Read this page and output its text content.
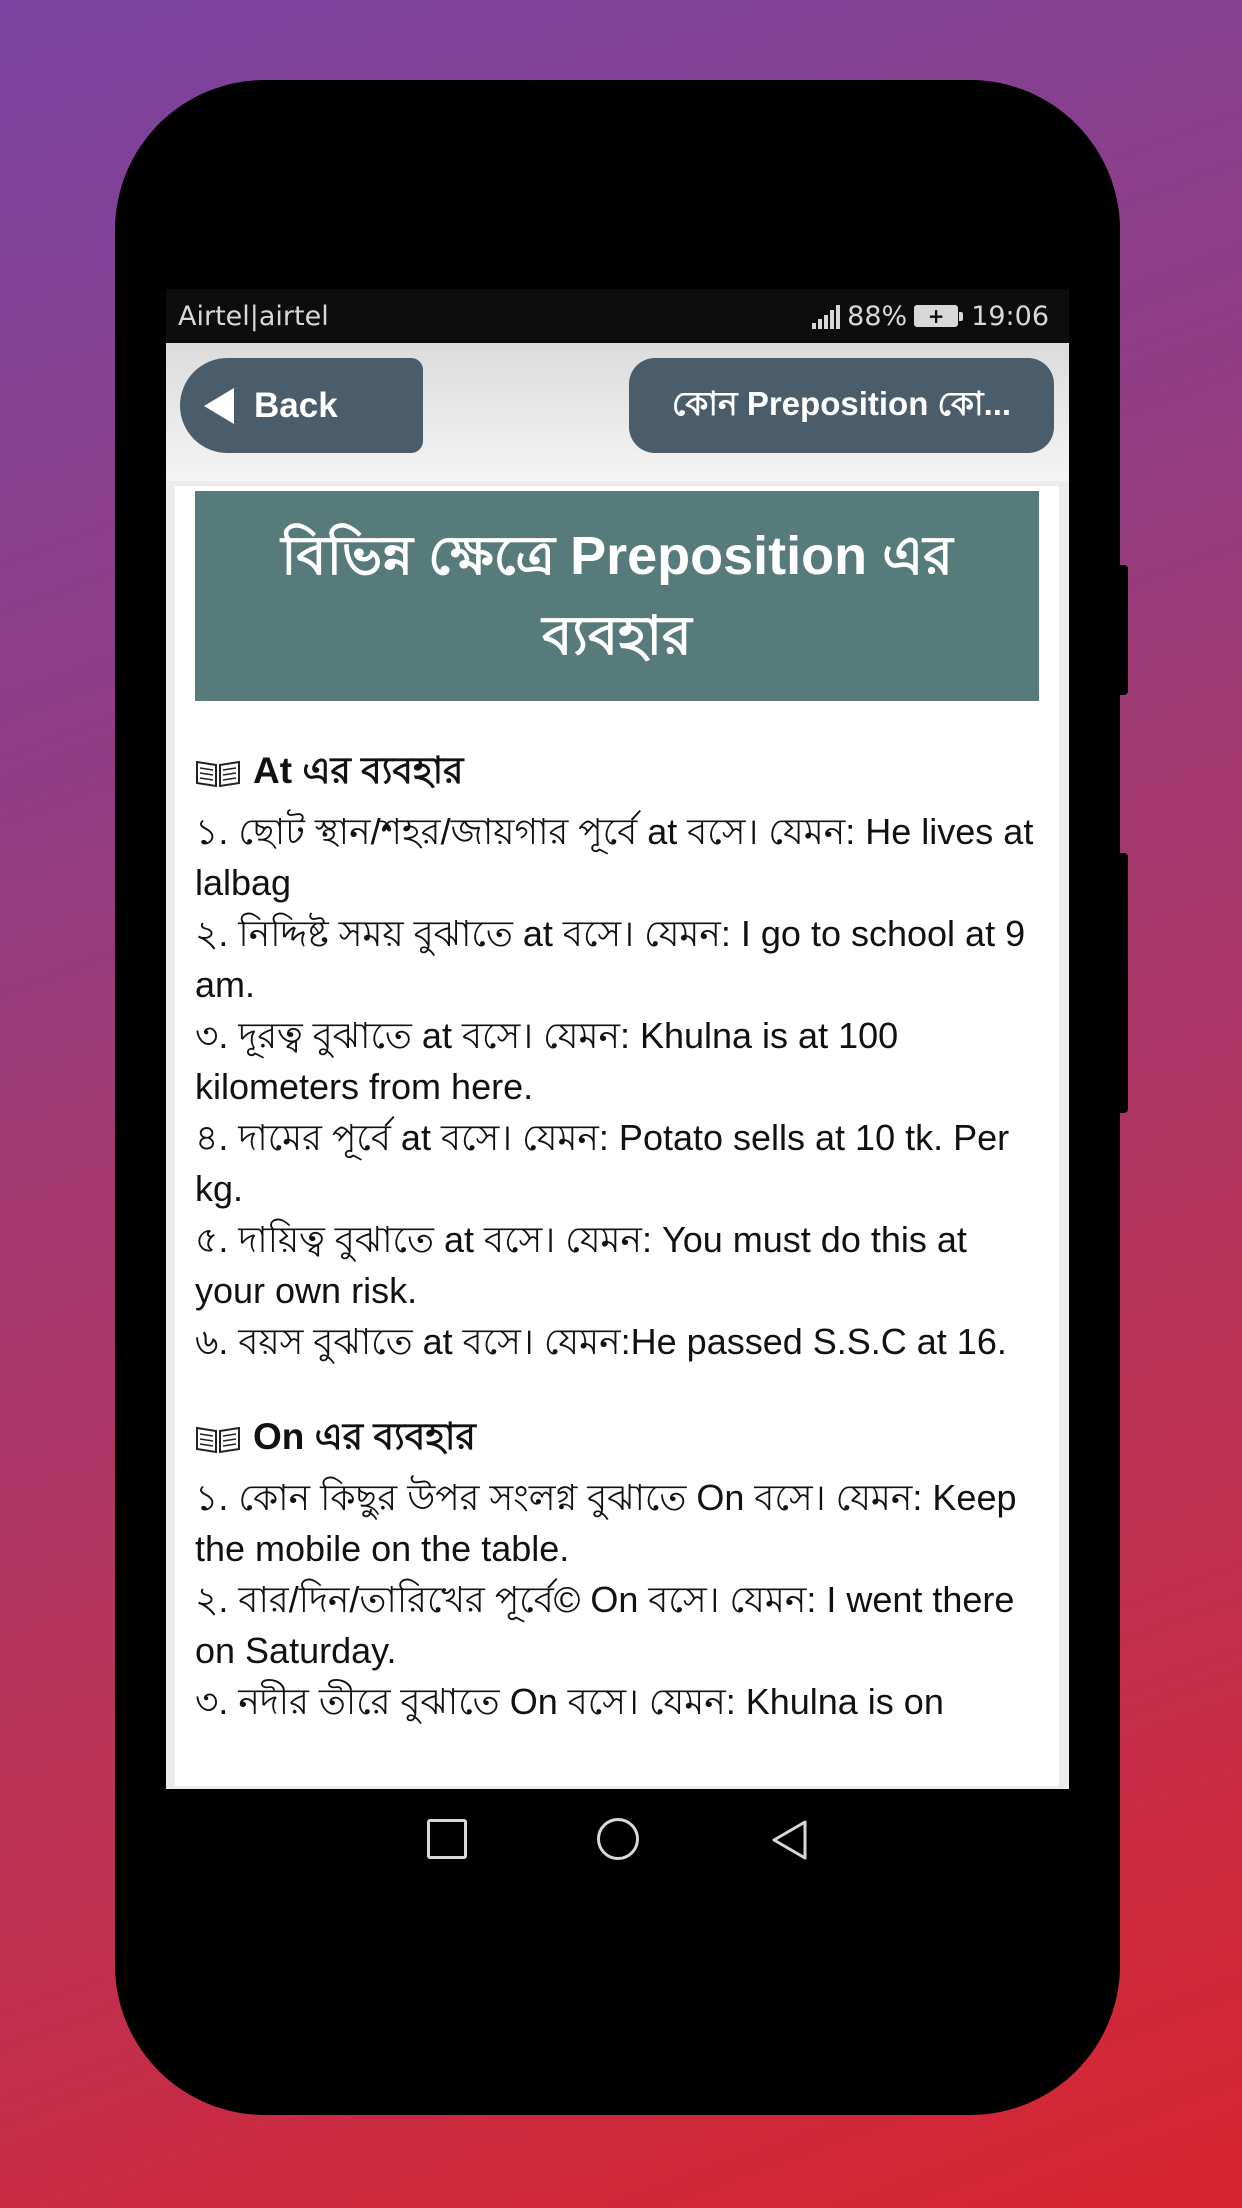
Airtel|airtel	88% + 19:06
Back	কোন Preposition কো...
বিভিন্ন ক্ষেত্রে Preposition এর ব্যবহার
At এর ব্যবহার

১. ছোট স্থান/শহর/জায়গার পূর্বে at বসে। যেমন: He lives at lalbag

২. নিদ্দিষ্ট সময় বুঝাতে at বসে। যেমন: I go to school at 9 am.

৩. দূরত্ব বুঝাতে at বসে। যেমন: Khulna is at 100 kilometers from here.

৪. দামের পূর্বে at বসে। যেমন: Potato sells at 10 tk. Per kg.

৫. দায়িত্ব বুঝাতে at বসে। যেমন: You must do this at your own risk.

৬. বয়স বুঝাতে at বসে। যেমন:He passed S.S.C at 16.

On এর ব্যবহার

১. কোন কিছুর উপর সংলগ্ন বুঝাতে On বসে। যেমন: Keep the mobile on the table.

২. বার/দিন/তারিখের পূর্বে© On বসে। যেমন: I went there on Saturday.

৩. নদীর তীরে বুঝাতে On বসে। যেমন: Khulna is on
